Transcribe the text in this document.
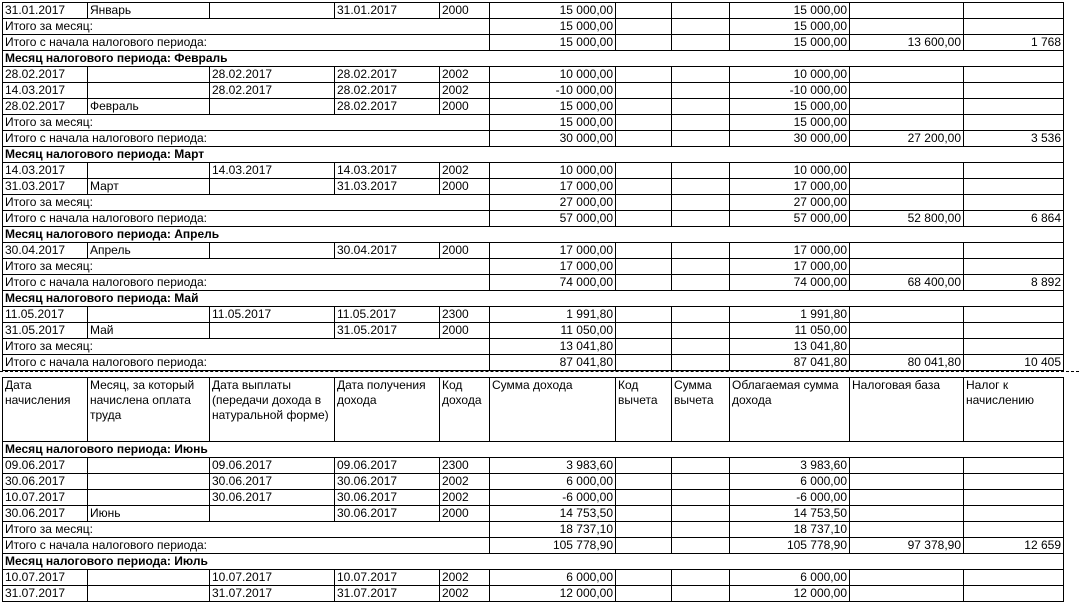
31.01.2017	Январь		31.01.2017	2000	15 000,00			15 000,00		
Итого за месяц:					15 000,00			15 000,00		
Итого с начала налогового периода:					15 000,00			15 000,00	13 600,00	1 768
Месяц налогового периода: Февраль										
28.02.2017		28.02.2017	28.02.2017	2002	10 000,00			10 000,00		
14.03.2017		28.02.2017	28.02.2017	2002	-10 000,00			-10 000,00		
28.02.2017	Февраль		28.02.2017	2000	15 000,00			15 000,00		
Итого за месяц:					15 000,00			15 000,00		
Итого с начала налогового периода:					30 000,00			30 000,00	27 200,00	3 536
Месяц налогового периода: Март										
14.03.2017		14.03.2017	14.03.2017	2002	10 000,00			10 000,00		
31.03.2017	Март		31.03.2017	2000	17 000,00			17 000,00		
Итого за месяц:					27 000,00			27 000,00		
Итого с начала налогового периода:					57 000,00			57 000,00	52 800,00	6 864
Месяц налогового периода: Апрель										
30.04.2017	Апрель		30.04.2017	2000	17 000,00			17 000,00		
Итого за месяц:					17 000,00			17 000,00		
Итого с начала налогового периода:					74 000,00			74 000,00	68 400,00	8 892
Месяц налогового периода: Май										
11.05.2017		11.05.2017	11.05.2017	2300	1 991,80			1 991,80		
31.05.2017	Май		31.05.2017	2000	11 050,00			11 050,00		
Итого за месяц:					13 041,80			13 041,80		
Итого с начала налогового периода:					87 041,80			87 041,80	80 041,80	10 405
Дата начисления	Месяц, за который начислена оплата труда	Дата выплаты (передачи дохода в натуральной форме)	Дата получения дохода	Код дохода	Сумма дохода	Код вычета	Сумма вычета	Облагаемая сумма дохода	Налоговая база	Налог к начислению
Месяц налогового периода: Июнь										
09.06.2017		09.06.2017	09.06.2017	2300	3 983,60			3 983,60		
30.06.2017		30.06.2017	30.06.2017	2002	6 000,00			6 000,00		
10.07.2017		30.06.2017	30.06.2017	2002	-6 000,00			-6 000,00		
30.06.2017	Июнь		30.06.2017	2000	14 753,50			14 753,50		
Итого за месяц:					18 737,10			18 737,10		
Итого с начала налогового периода:					105 778,90			105 778,90	97 378,90	12 659
Месяц налогового периода: Июль										
10.07.2017		10.07.2017	10.07.2017	2002	6 000,00			6 000,00		
31.07.2017		31.07.2017	31.07.2017	2002	12 000,00			12 000,00		
